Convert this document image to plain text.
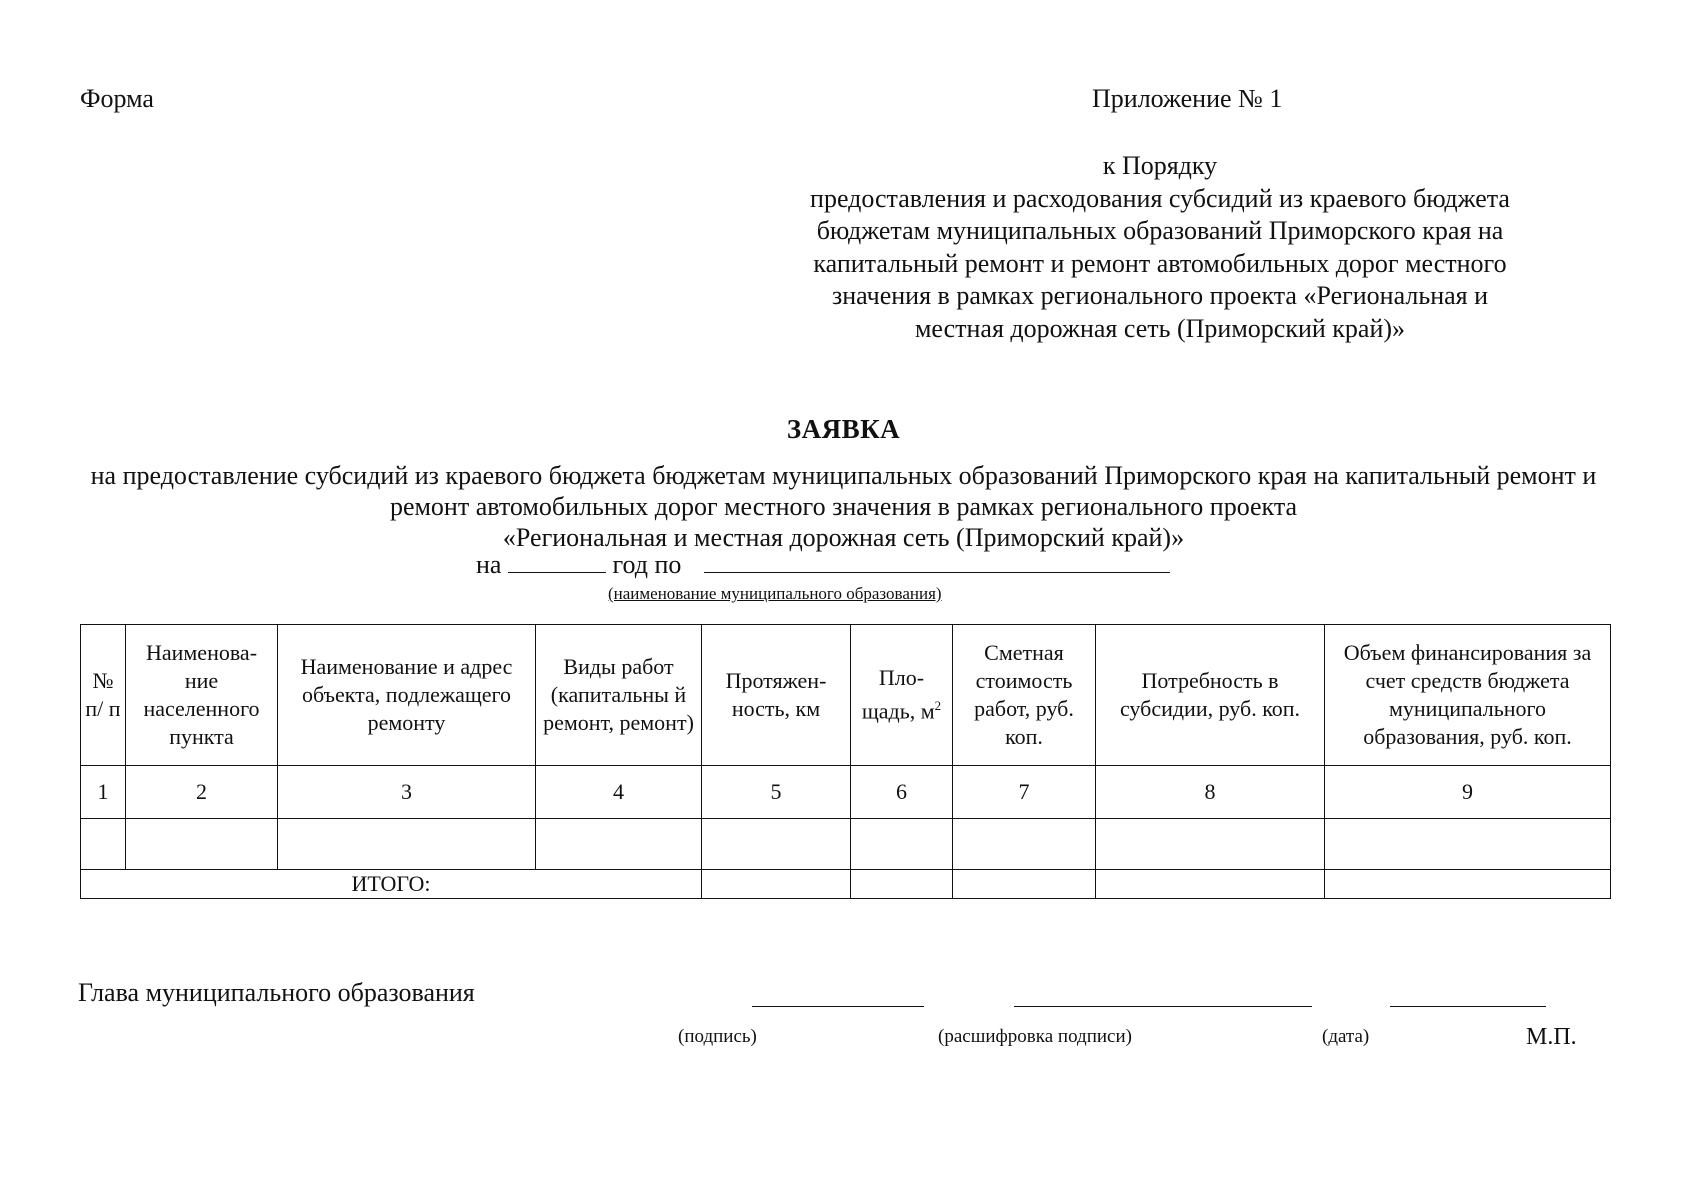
Форма	Приложение № 1
к Порядку
предоставления и расходования субсидий из краевого бюджета
бюджетам муниципальных образований Приморского края на
капитальный ремонт и ремонт автомобильных дорог местного
значения в рамках регионального проекта «Региональная и
местная дорожная сеть (Приморский край)»
ЗАЯВКА
на предоставление субсидий из краевого бюджета бюджетам муниципальных образований Приморского края на капитальный ремонт и
ремонт автомобильных дорог местного значения в рамках регионального проекта
«Региональная и местная дорожная сеть (Приморский край)»
на	год по
(наименование муниципального образования)
№ п/ п	Наименова- ние населенного пункта	Наименование и адрес объекта, подлежащего ремонту	Виды работ (капитальны й ремонт, ремонт)	Протяжен- ность, км	Пло- щадь, $м^2$	Сметная стоимость работ, руб. коп.	Потребность в субсидии, руб. коп.	Объем финансирования за счет средств бюджета муниципального образования, руб. коп.
1	2	3	4	5	6	7	8	9

ИТОГО:								
Глава муниципального образования
(подпись)	(расшифровка подписи)	(дата)	М.П.
